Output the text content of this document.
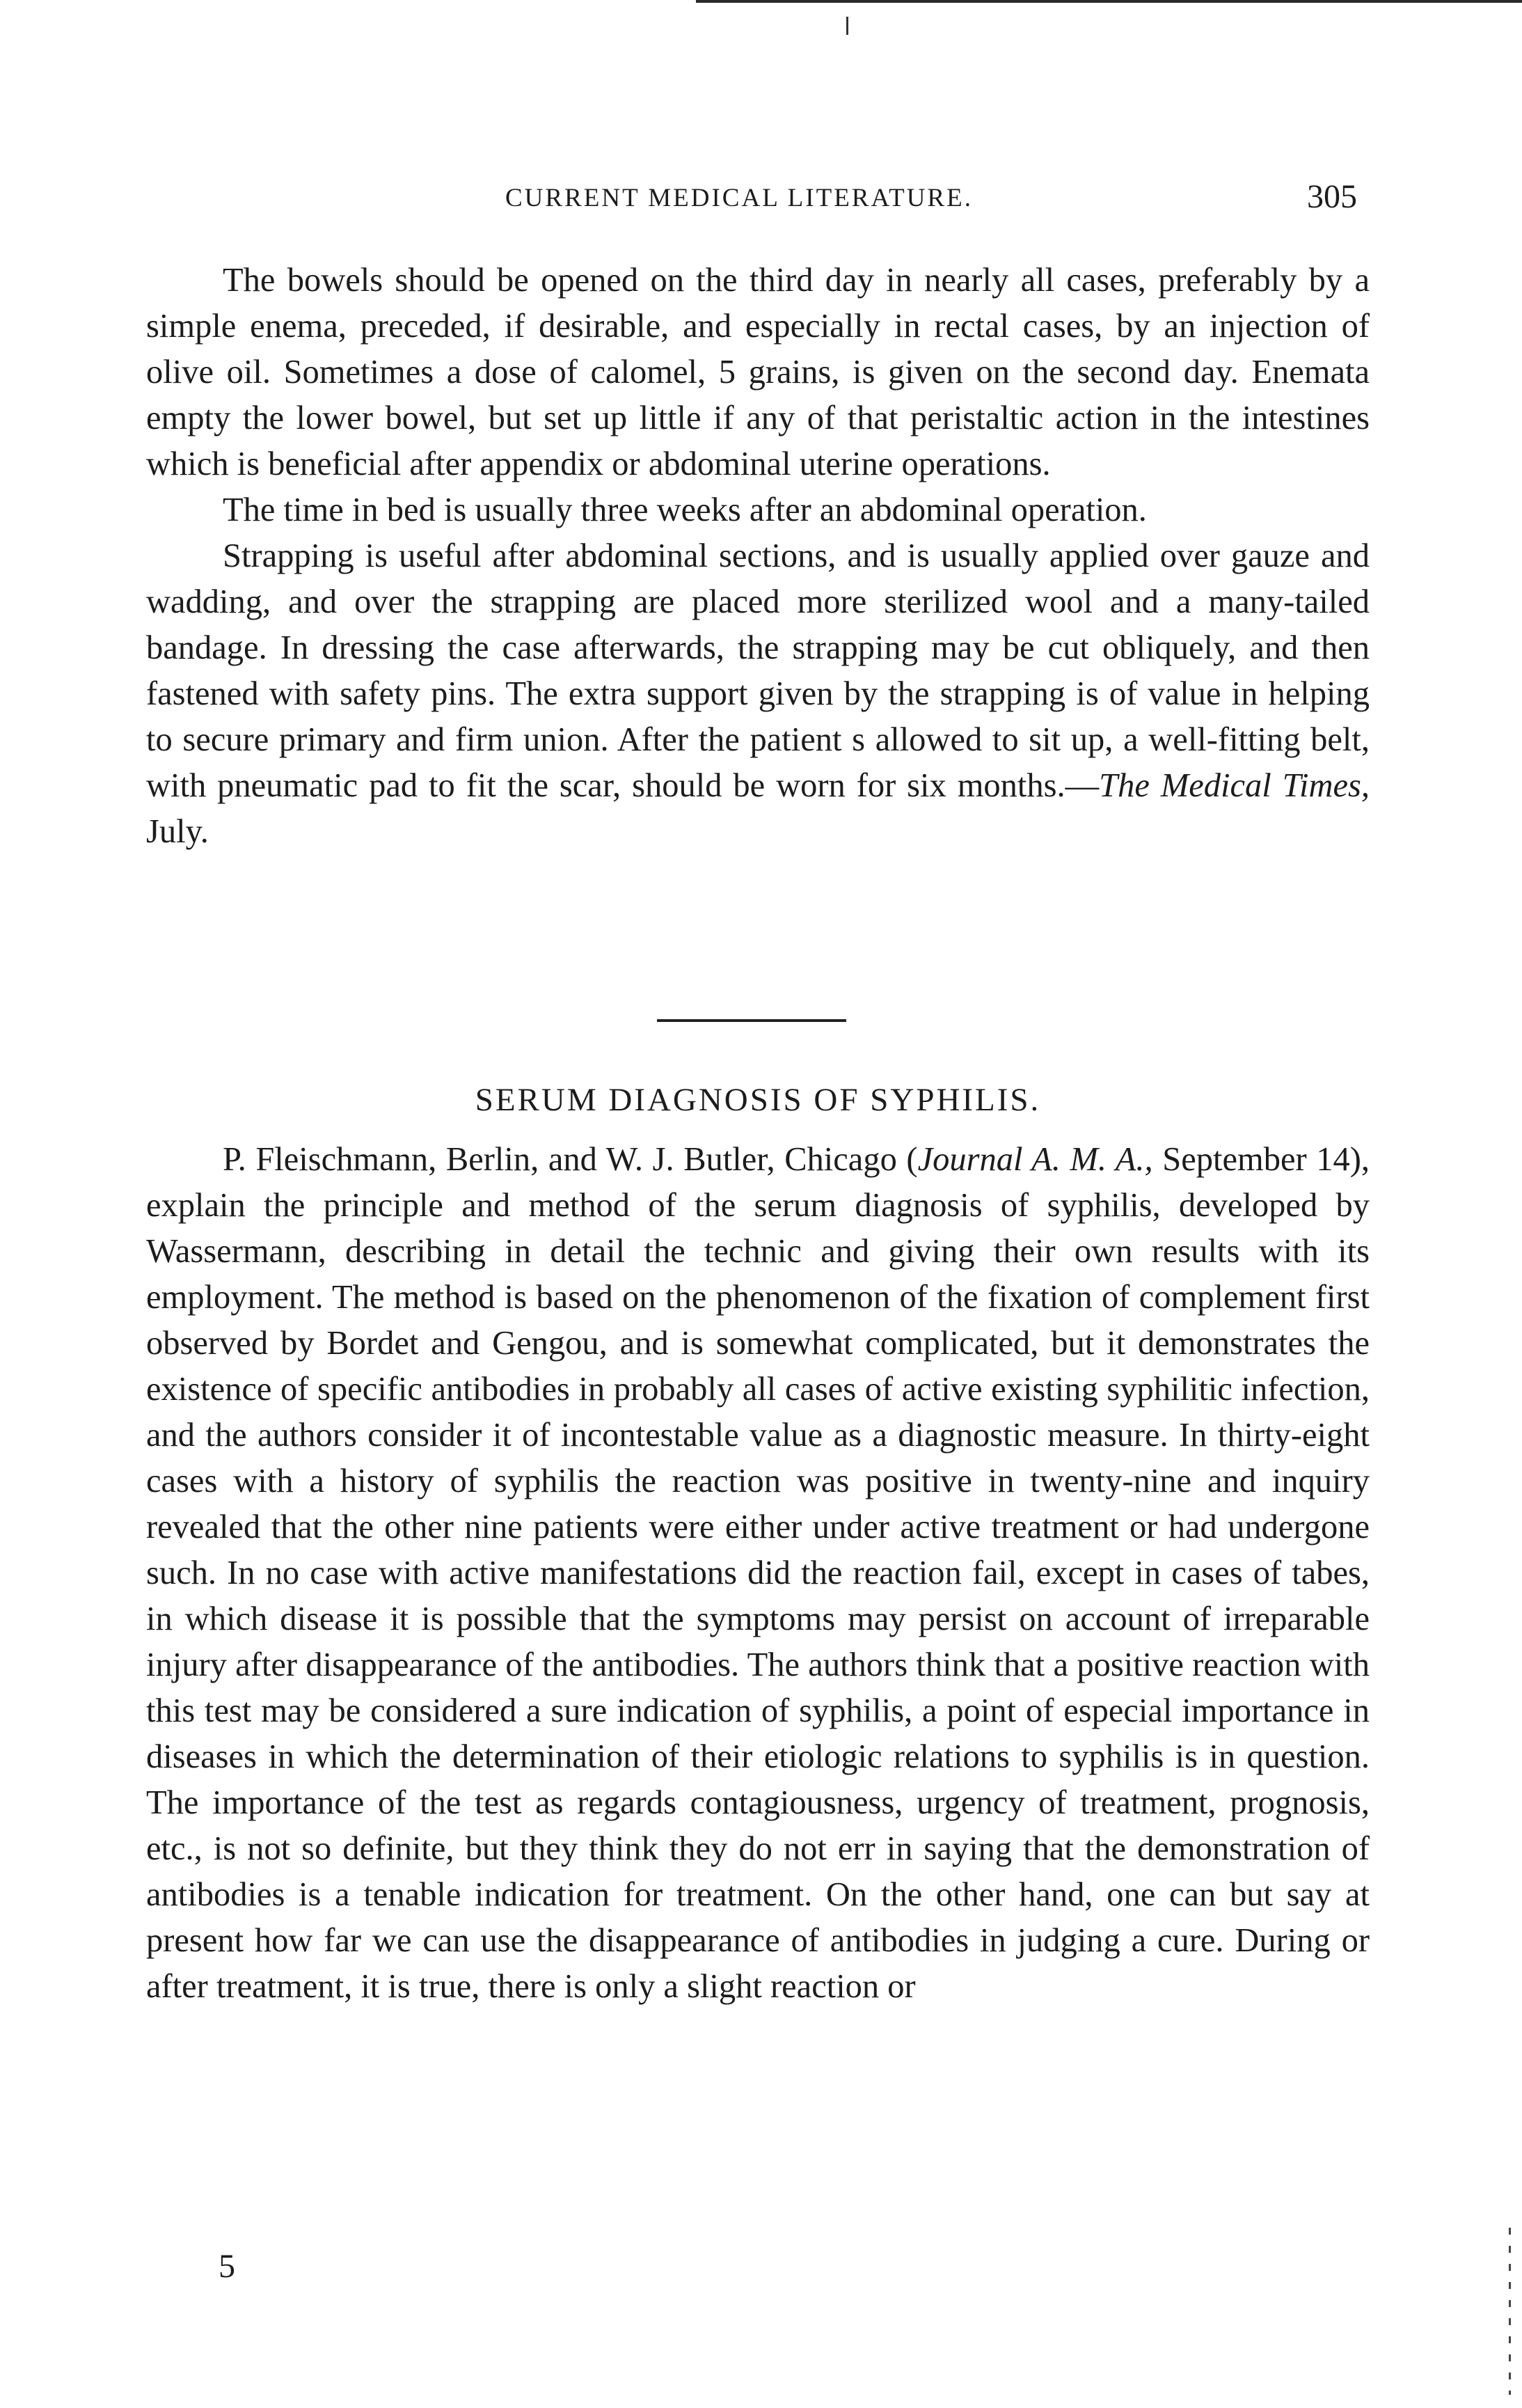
CURRENT MEDICAL LITERATURE.	305

The bowels should be opened on the third day in nearly all cases, preferably by a simple enema, preceded, if desirable, and especially in rectal cases, by an injection of olive oil. Sometimes a dose of calomel, 5 grains, is given on the second day. Enemata empty the lower bowel, but set up little if any of that peristaltic action in the intestines which is beneficial after appendix or abdominal uterine operations.

The time in bed is usually three weeks after an abdominal operation.

Strapping is useful after abdominal sections, and is usually applied over gauze and wadding, and over the strapping are placed more sterilized wool and a many-tailed bandage. In dressing the case afterwards, the strapping may be cut obliquely, and then fastened with safety pins. The extra support given by the strapping is of value in helping to secure primary and firm union. After the patient s allowed to sit up, a well-fitting belt, with pneumatic pad to fit the scar, should be worn for six months.—The Medical Times, July.

SERUM DIAGNOSIS OF SYPHILIS.

P. Fleischmann, Berlin, and W. J. Butler, Chicago (Journal A. M. A., September 14), explain the principle and method of the serum diagnosis of syphilis, developed by Wassermann, describing in detail the technic and giving their own results with its employment. The method is based on the phenomenon of the fixation of complement first observed by Bordet and Gengou, and is somewhat complicated, but it demonstrates the existence of specific antibodies in probably all cases of active existing syphilitic infection, and the authors consider it of incontestable value as a diagnostic measure. In thirty-eight cases with a history of syphilis the reaction was positive in twenty-nine and inquiry revealed that the other nine patients were either under active treatment or had undergone such. In no case with active manifestations did the reaction fail, except in cases of tabes, in which disease it is possible that the symptoms may persist on account of irreparable injury after disappearance of the antibodies. The authors think that a positive reaction with this test may be considered a sure indication of syphilis, a point of especial importance in diseases in which the determination of their etiologic relations to syphilis is in question. The importance of the test as regards contagiousness, urgency of treatment, prognosis, etc., is not so definite, but they think they do not err in saying that the demonstration of antibodies is a tenable indication for treatment. On the other hand, one can but say at present how far we can use the disappearance of antibodies in judging a cure. During or after treatment, it is true, there is only a slight reaction or

5
